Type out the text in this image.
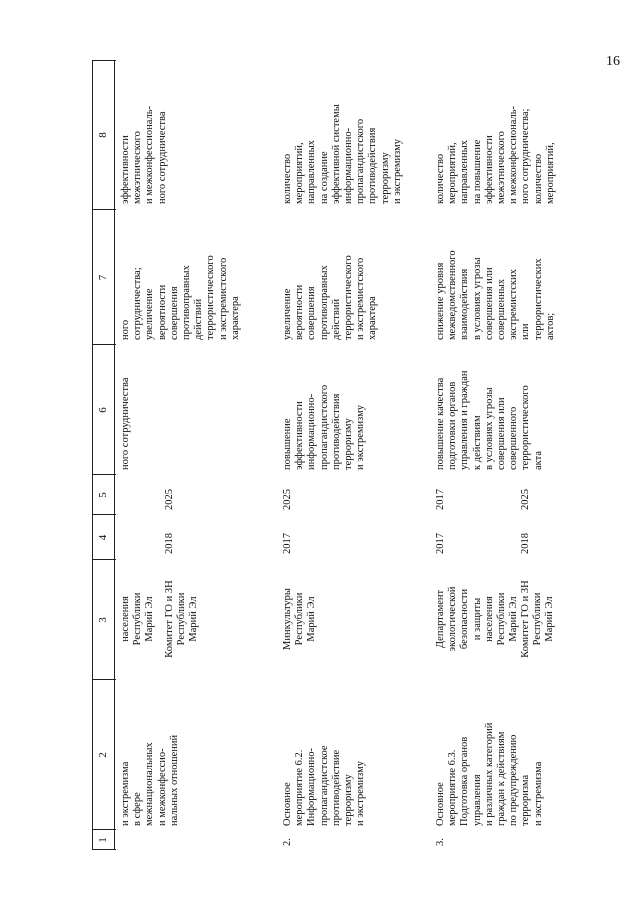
16
1
2
3
4
5
6
7
8
и экстремизма
в сфере
межнациональных
и межконфессио-
нальных отношений
населения
Республики
Марий Эл
Комитет ГО и ЗН
Республики
Марий Эл
2018
2025
ного сотрудничества
ного
сотрудничества;
увеличение
вероятности
совершения
противоправных
действий
террористического
и экстремистского
характера
эффективности
межэтнического
и межконфессиональ-
ного сотрудничества
2.
Основное
мероприятие 6.2.
Информационно-
пропагандистское
противодействие
терроризму
и экстремизму
Минкультуры
Республики
Марий Эл
2017
2025
повышение
эффективности
информационно-
пропагандистского
противодействия
терроризму
и экстремизму
увеличение
вероятности
совершения
противоправных
действий
террористического
и экстремистского
характера
количество
мероприятий,
направленных
на создание
эффективной системы
информационно-
пропагандистского
противодействия
терроризму
и экстремизму
3.
Основное
мероприятие 6.3.
Подготовка органов
управления
и различных категорий
граждан к действиям
по предупреждению
терроризма
и экстремизма
Департамент
экологической
безопасности
и защиты
населения
Республики
Марий Эл
Комитет ГО и ЗН
Республики
Марий Эл
2017	2018
2017	2025
повышение качества
подготовки органов
управления и граждан
к действиям
в условиях угрозы
совершения или
совершенного
террористического
акта
снижение уровня
межведомственного
взаимодействия
в условиях угрозы
совершения или
совершенных
экстремистских
или
террористических
актов;
количество
мероприятий,
направленных
на повышение
эффективности
межэтнического
и межконфессиональ-
ного сотрудничества;
количество
мероприятий,
